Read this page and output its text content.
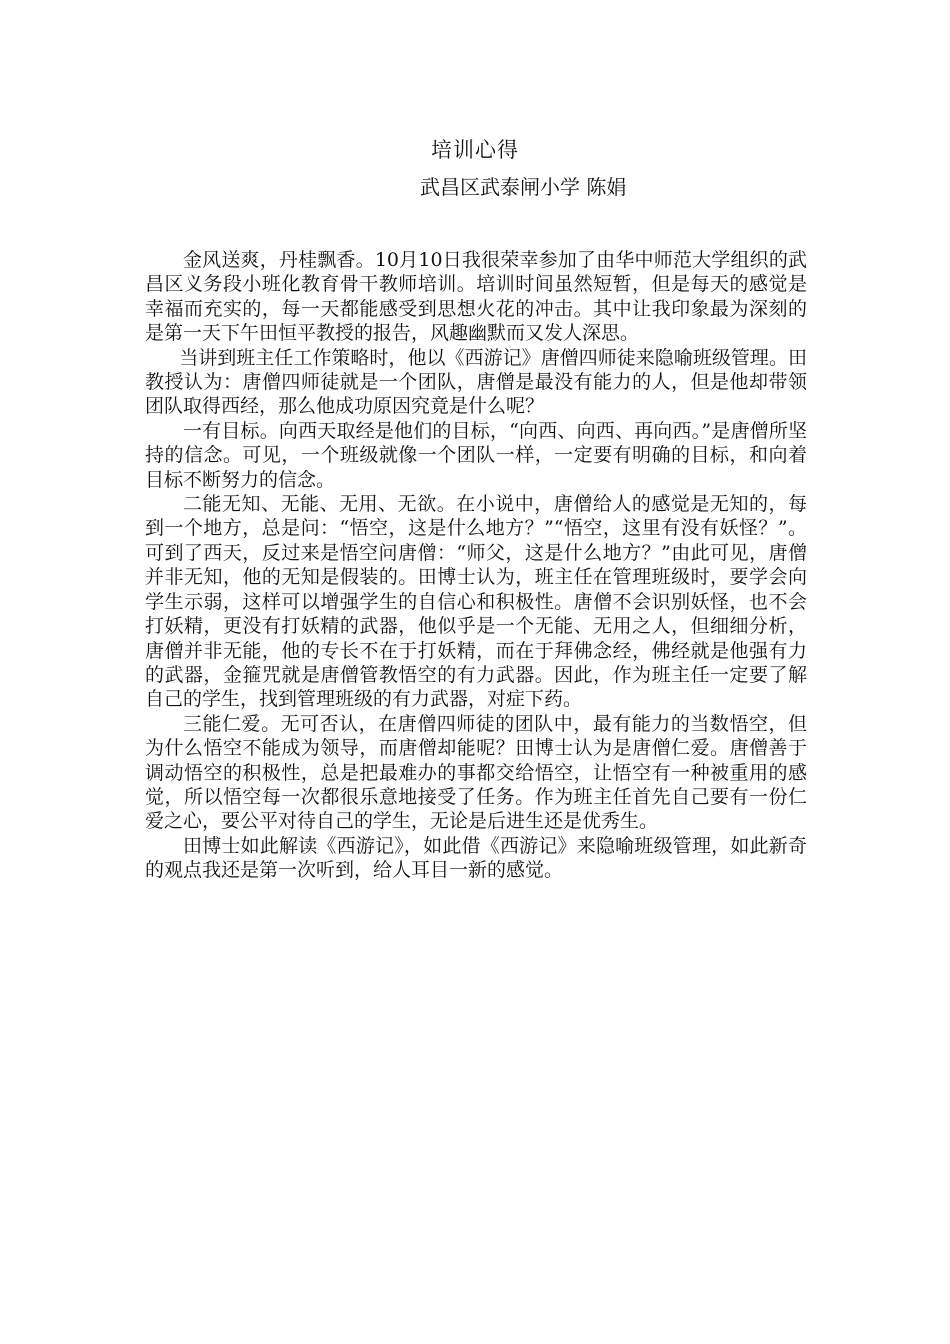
培训心得
武昌区武泰闸小学 陈娟

金风送爽，丹桂飘香。10月10日我很荣幸参加了由华中师范大学组织的武昌区义务段小班化教育骨干教师培训。培训时间虽然短暂，但是每天的感觉是幸福而充实的，每一天都能感受到思想火花的冲击。其中让我印象最为深刻的是第一天下午田恒平教授的报告，风趣幽默而又发人深思。

当讲到班主任工作策略时，他以《西游记》唐僧四师徒来隐喻班级管理。田教授认为：唐僧四师徒就是一个团队，唐僧是最没有能力的人，但是他却带领团队取得西经，那么他成功原因究竟是什么呢？

一有目标。向西天取经是他们的目标，“向西、向西、再向西。”是唐僧所坚持的信念。可见，一个班级就像一个团队一样，一定要有明确的目标，和向着目标不断努力的信念。

二能无知、无能、无用、无欲。在小说中，唐僧给人的感觉是无知的，每到一个地方，总是问：“悟空，这是什么地方？”“悟空，这里有没有妖怪？”。可到了西天，反过来是悟空问唐僧：“师父，这是什么地方？”由此可见，唐僧并非无知，他的无知是假装的。田博士认为，班主任在管理班级时，要学会向学生示弱，这样可以增强学生的自信心和积极性。唐僧不会识别妖怪，也不会打妖精，更没有打妖精的武器，他似乎是一个无能、无用之人，但细细分析，唐僧并非无能，他的专长不在于打妖精，而在于拜佛念经，佛经就是他强有力的武器，金箍咒就是唐僧管教悟空的有力武器。因此，作为班主任一定要了解自己的学生，找到管理班级的有力武器，对症下药。

三能仁爱。无可否认，在唐僧四师徒的团队中，最有能力的当数悟空，但为什么悟空不能成为领导，而唐僧却能呢？田博士认为是唐僧仁爱。唐僧善于调动悟空的积极性，总是把最难办的事都交给悟空，让悟空有一种被重用的感觉，所以悟空每一次都很乐意地接受了任务。作为班主任首先自己要有一份仁爱之心，要公平对待自己的学生，无论是后进生还是优秀生。

田博士如此解读《西游记》，如此借《西游记》来隐喻班级管理，如此新奇的观点我还是第一次听到，给人耳目一新的感觉。
